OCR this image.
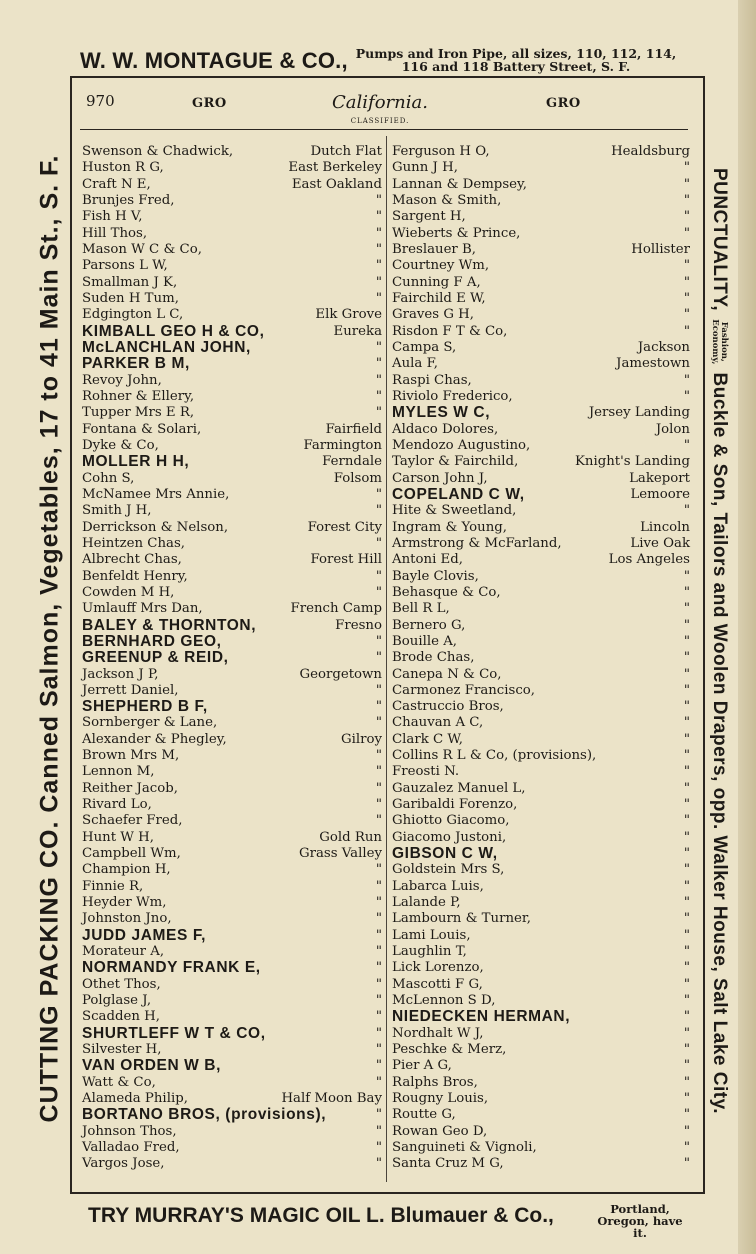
W. W. MONTAGUE & CO., Pumps and Iron Pipe, all sizes, 110, 112, 114, 116 and 118 Battery Street, S. F.
CUTTING PACKING CO. Canned Salmon, Vegetables, 17 to 41 Main St., S. F.	PUNCTUALITY,
Fashion,
Economy,
Buckle & Son, Tailors and Woolen Drapers, opp. Walker House, Salt Lake City.
970	GRO	California.
CLASSIFIED.
GRO
Swenson & Chadwick,	Dutch Flat
Huston R G,	East Berkeley
Craft N E,	East Oakland
Brunjes Fred,	"
Fish H V,	"
Hill Thos,	"
Mason W C & Co,	"
Parsons L W,	"
Smallman J K,	"
Suden H Tum,	"
Edgington L C,	Elk Grove
KIMBALL GEO H & CO,	Eureka
McLANCHLAN JOHN,	"
PARKER B M,	"
Revoy John,	"
Rohner & Ellery,	"
Tupper Mrs E R,	"
Fontana & Solari,	Fairfield
Dyke & Co,	Farmington
MOLLER H H,	Ferndale
Cohn S,	Folsom
McNamee Mrs Annie,	"
Smith J H,	"
Derrickson & Nelson,	Forest City
Heintzen Chas,	"
Albrecht Chas,	Forest Hill
Benfeldt Henry,	"
Cowden M H,	"
Umlauff Mrs Dan,	French Camp
BALEY & THORNTON,	Fresno
BERNHARD GEO,	"
GREENUP & REID,	"
Jackson J P,	Georgetown
Jerrett Daniel,	"
SHEPHERD B F,	"
Sornberger & Lane,	"
Alexander & Phegley,	Gilroy
Brown Mrs M,	"
Lennon M,	"
Reither Jacob,	"
Rivard Lo,	"
Schaefer Fred,	"
Hunt W H,	Gold Run
Campbell Wm,	Grass Valley
Champion H,	"
Finnie R,	"
Heyder Wm,	"
Johnston Jno,	"
JUDD JAMES F,	"
Morateur A,	"
NORMANDY FRANK E,	"
Othet Thos,	"
Polglase J,	"
Scadden H,	"
SHURTLEFF W T & CO,	"
Silvester H,	"
VAN ORDEN W B,	"
Watt & Co,	"
Alameda Philip,	Half Moon Bay
BORTANO BROS, (provisions),	"
Johnson Thos,	"
Valladao Fred,	"
Vargos Jose,	"
Ferguson H O,	Healdsburg
Gunn J H,	"
Lannan & Dempsey,	"
Mason & Smith,	"
Sargent H,	"
Wieberts & Prince,	"
Breslauer B,	Hollister
Courtney Wm,	"
Cunning F A,	"
Fairchild E W,	"
Graves G H,	"
Risdon F T & Co,	"
Campa S,	Jackson
Aula F,	Jamestown
Raspi Chas,	"
Riviolo Frederico,	"
MYLES W C,	Jersey Landing
Aldaco Dolores,	Jolon
Mendozo Augustino,	"
Taylor & Fairchild,	Knight's Landing
Carson John J,	Lakeport
COPELAND C W,	Lemoore
Hite & Sweetland,	"
Ingram & Young,	Lincoln
Armstrong & McFarland,	Live Oak
Antoni Ed,	Los Angeles
Bayle Clovis,	"
Behasque & Co,	"
Bell R L,	"
Bernero G,	"
Bouille A,	"
Brode Chas,	"
Canepa N & Co,	"
Carmonez Francisco,	"
Castruccio Bros,	"
Chauvan A C,	"
Clark C W,	"
Collins R L & Co, (provisions),	"
Freosti N.	"
Gauzalez Manuel L,	"
Garibaldi Forenzo,	"
Ghiotto Giacomo,	"
Giacomo Justoni,	"
GIBSON C W,	"
Goldstein Mrs S,	"
Labarca Luis,	"
Lalande P,	"
Lambourn & Turner,	"
Lami Louis,	"
Laughlin T,	"
Lick Lorenzo,	"
Mascotti F G,	"
McLennon S D,	"
NIEDECKEN HERMAN,	"
Nordhalt W J,	"
Peschke & Merz,	"
Pier A G,	"
Ralphs Bros,	"
Rougny Louis,	"
Routte G,	"
Rowan Geo D,	"
Sanguineti & Vignoli,	"
Santa Cruz M G,	"
TRY MURRAY'S MAGIC OIL L. Blumauer & Co.,	Portland, Oregon, have it.
